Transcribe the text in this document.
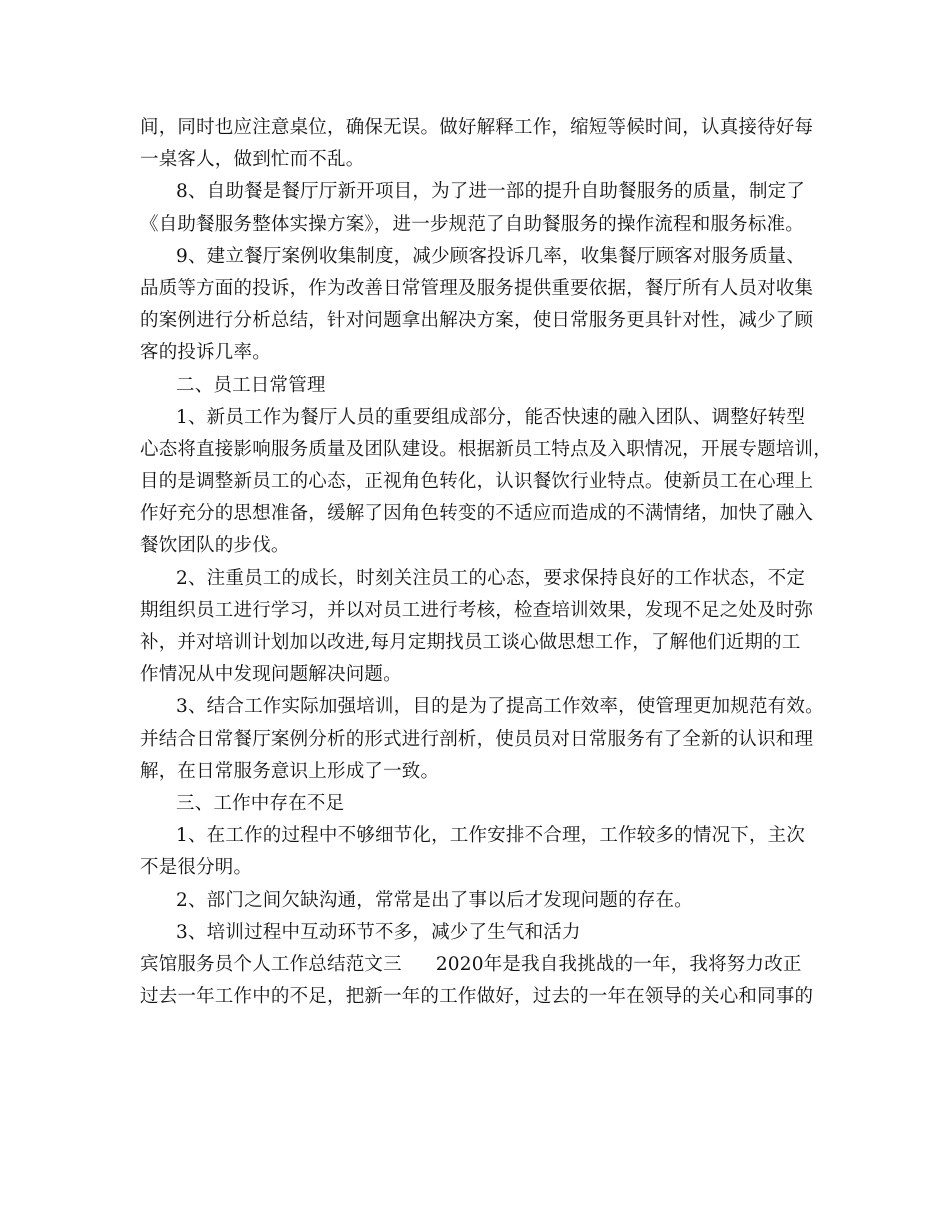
间，同时也应注意桌位，确保无误。做好解释工作，缩短等候时间，认真接待好每
一桌客人，做到忙而不乱。
8、自助餐是餐厅厅新开项目，为了进一部的提升自助餐服务的质量，制定了
《自助餐服务整体实操方案》，进一步规范了自助餐服务的操作流程和服务标准。
9、建立餐厅案例收集制度，减少顾客投诉几率，收集餐厅顾客对服务质量、
品质等方面的投诉，作为改善日常管理及服务提供重要依据，餐厅所有人员对收集
的案例进行分析总结，针对问题拿出解决方案，使日常服务更具针对性，减少了顾
客的投诉几率。
二、员工日常管理
1、新员工作为餐厅人员的重要组成部分，能否快速的融入团队、调整好转型
心态将直接影响服务质量及团队建设。根据新员工特点及入职情况，开展专题培训，
目的是调整新员工的心态，正视角色转化，认识餐饮行业特点。使新员工在心理上
作好充分的思想准备，缓解了因角色转变的不适应而造成的不满情绪，加快了融入
餐饮团队的步伐。
2、注重员工的成长，时刻关注员工的心态，要求保持良好的工作状态，不定
期组织员工进行学习，并以对员工进行考核，检查培训效果，发现不足之处及时弥
补，并对培训计划加以改进,每月定期找员工谈心做思想工作，了解他们近期的工
作情况从中发现问题解决问题。
3、结合工作实际加强培训，目的是为了提高工作效率，使管理更加规范有效。
并结合日常餐厅案例分析的形式进行剖析，使员员对日常服务有了全新的认识和理
解，在日常服务意识上形成了一致。
三、工作中存在不足
1、在工作的过程中不够细节化，工作安排不合理，工作较多的情况下，主次
不是很分明。
2、部门之间欠缺沟通，常常是出了事以后才发现问题的存在。
3、培训过程中互动环节不多，减少了生气和活力
宾馆服务员个人工作总结范文三 2020年是我自我挑战的一年，我将努力改正
过去一年工作中的不足，把新一年的工作做好，过去的一年在领导的关心和同事的
